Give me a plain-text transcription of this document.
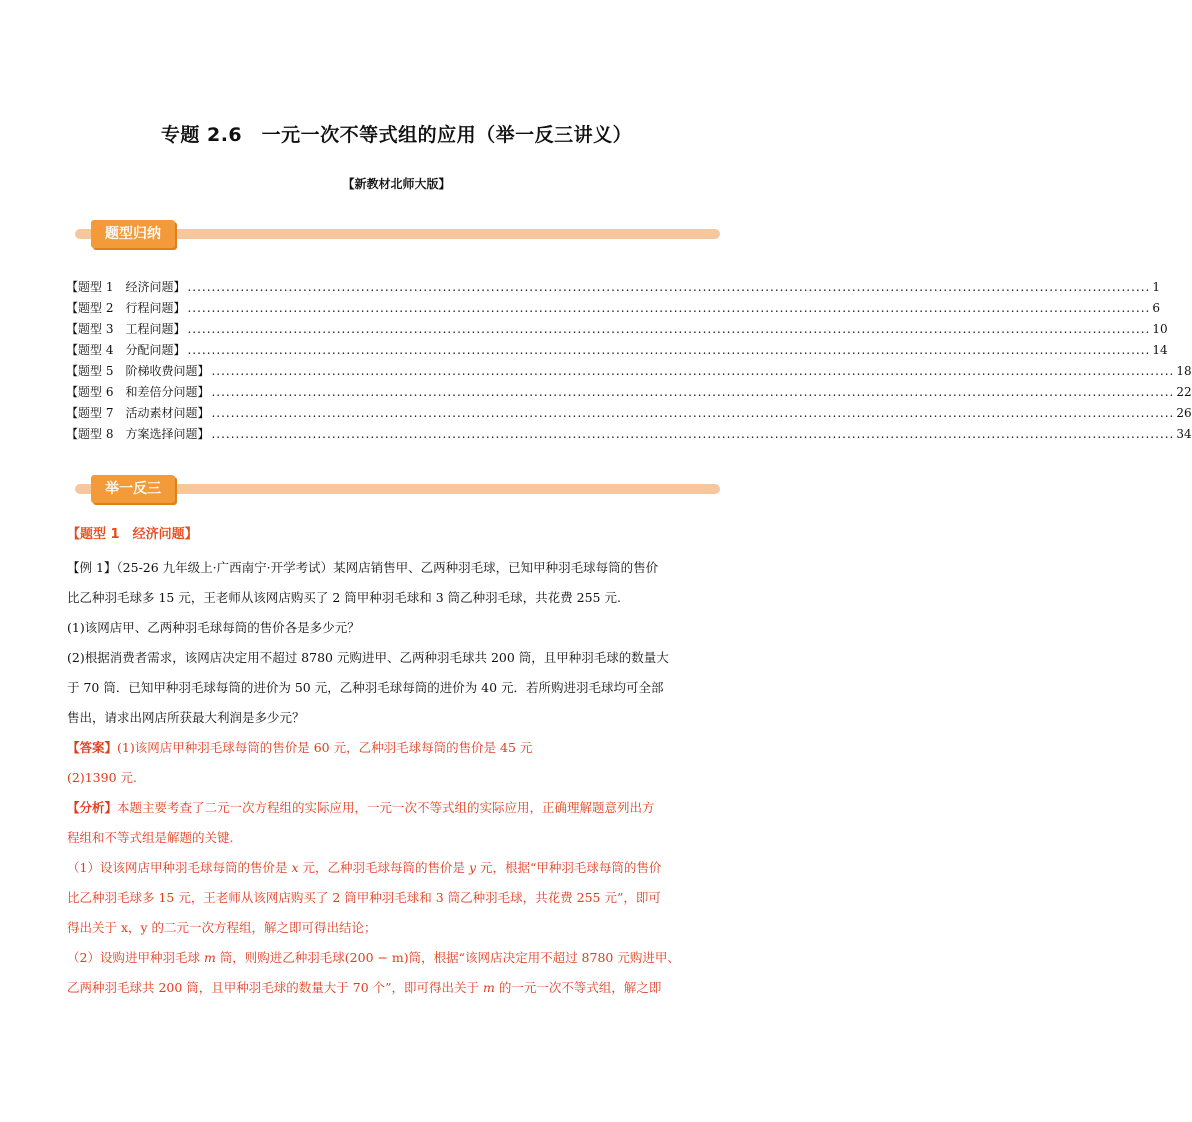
专题 2.6　一元一次不等式组的应用（举一反三讲义）
【新教材北师大版】
题型归纳
【题型 1　经济问题】 ........................................................................................................................................................................................................ 1
【题型 2　行程问题】 ........................................................................................................................................................................................................ 6
【题型 3　工程问题】 ........................................................................................................................................................................................................ 10
【题型 4　分配问题】 ........................................................................................................................................................................................................ 14
【题型 5　阶梯收费问题】 ........................................................................................................................................................................................................ 18
【题型 6　和差倍分问题】 ........................................................................................................................................................................................................ 22
【题型 7　活动素材问题】 ........................................................................................................................................................................................................ 26
【题型 8　方案选择问题】 ........................................................................................................................................................................................................ 34
举一反三
【题型 1　经济问题】

【例 1】（25-26 九年级上·广西南宁·开学考试）某网店销售甲、乙两种羽毛球，已知甲种羽毛球每筒的售价

比乙种羽毛球多 15 元，王老师从该网店购买了 2 筒甲种羽毛球和 3 筒乙种羽毛球，共花费 255 元.

(1)该网店甲、乙两种羽毛球每筒的售价各是多少元？

(2)根据消费者需求，该网店决定用不超过 8780 元购进甲、乙两种羽毛球共 200 筒，且甲种羽毛球的数量大

于 70 筒．已知甲种羽毛球每筒的进价为 50 元，乙种羽毛球每筒的进价为 40 元．若所购进羽毛球均可全部

售出，请求出网店所获最大利润是多少元？

【答案】(1)该网店甲种羽毛球每筒的售价是 60 元，乙种羽毛球每筒的售价是 45 元

(2)1390 元.

【分析】本题主要考查了二元一次方程组的实际应用，一元一次不等式组的实际应用，正确理解题意列出方

程组和不等式组是解题的关键.

（1）设该网店甲种羽毛球每筒的售价是 x 元，乙种羽毛球每筒的售价是 y 元，根据“甲种羽毛球每筒的售价

比乙种羽毛球多 15 元，王老师从该网店购买了 2 筒甲种羽毛球和 3 筒乙种羽毛球，共花费 255 元”，即可

得出关于 x，y 的二元一次方程组，解之即可得出结论；

（2）设购进甲种羽毛球 m 筒，则购进乙种羽毛球(200 − m)筒，根据“该网店决定用不超过 8780 元购进甲、

乙两种羽毛球共 200 筒，且甲种羽毛球的数量大于 70 个”，即可得出关于 m 的一元一次不等式组，解之即
